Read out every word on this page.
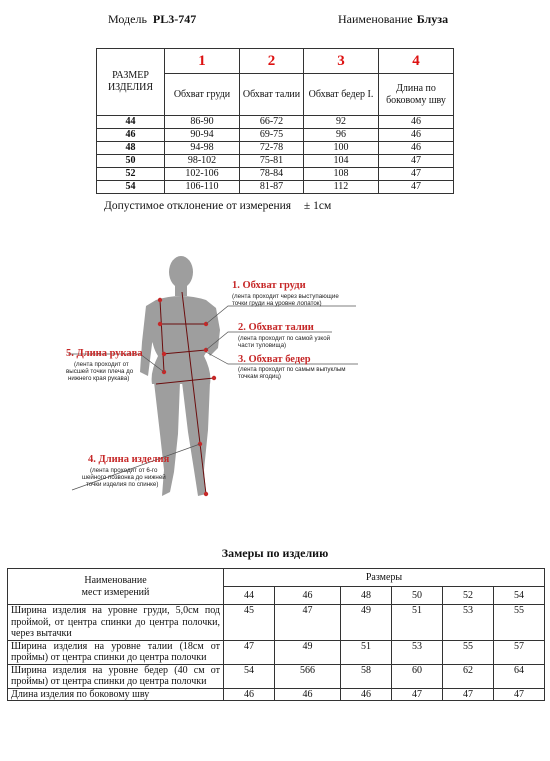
Модель PL3-747	Наименование Блуза
РАЗМЕР ИЗДЕЛИЯ	1	2	3	4
	Обхват груди	Обхват талии	Обхват бедер I.	Длина по боковому шву
44	86-90	66-72	92	46
46	90-94	69-75	96	46
48	94-98	72-78	100	46
50	98-102	75-81	104	47
52	102-106	78-84	108	47
54	106-110	81-87	112	47
Допустимое отклонение от измерения ± 1см
1. Обхват груди
(лента проходит через выступающие
точки груди на уровне лопаток)
2. Обхват талии
(лента проходит по самой узкой
части туловища)
3. Обхват бедер
(лента проходит по самым выпуклым
точкам ягодиц)
5. Длина рукава
(лента проходит от
высшей точки плеча до
нижнего края рукава)
4. Длина изделия
(лента проходит от 6-го
шейного позвонка до нижней
точки изделия по спинке)
Замеры по изделию
Наименование
мест измерений	Размеры					
	44	46	48	50	52	54
Ширина изделия на уровне груди, 5,0см под проймой, от центра спинки до центра полочки, через вытачки	45	47	49	51	53	55
Ширина изделия на уровне талии (18см от проймы) от центра спинки до центра полочки	47	49	51	53	55	57
Ширина изделия на уровне бедер (40 см от проймы) от центра спинки до центра полочки	54	566	58	60	62	64
Длина изделия по боковому шву	46	46	46	47	47	47
